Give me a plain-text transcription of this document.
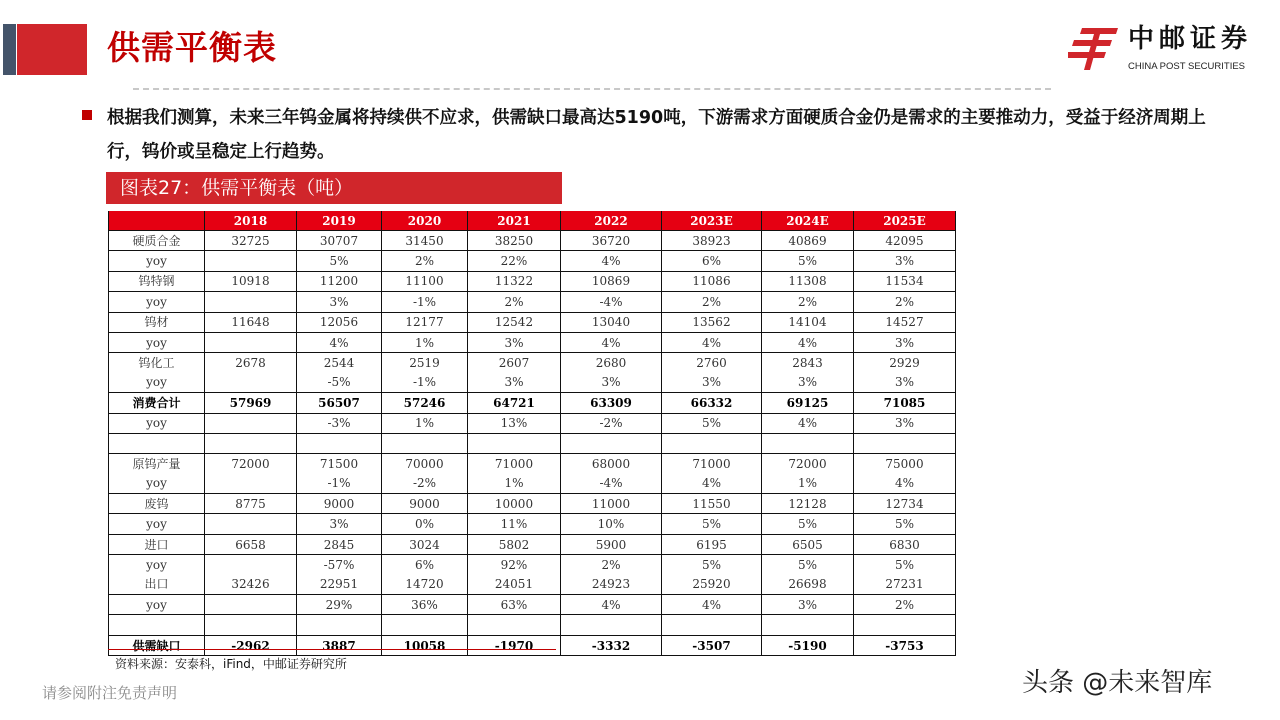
供需平衡表	中邮证券
CHINA POST SECURITIES
根据我们测算，未来三年钨金属将持续供不应求，供需缺口最高达5190吨，下游需求方面硬质合金仍是需求的主要推动力，受益于经济周期上行，钨价或呈稳定上行趋势。
图表27：供需平衡表（吨）
	2018	2019	2020	2021	2022	2023E	2024E	2025E
硬质合金	32725	30707	31450	38250	36720	38923	40869	42095
yoy		5%	2%	22%	4%	6%	5%	3%
钨特钢	10918	11200	11100	11322	10869	11086	11308	11534
yoy		3%	-1%	2%	-4%	2%	2%	2%
钨材	11648	12056	12177	12542	13040	13562	14104	14527
yoy		4%	1%	3%	4%	4%	4%	3%
钨化工	2678	2544	2519	2607	2680	2760	2843	2929
yoy		-5%	-1%	3%	3%	3%	3%	3%
消费合计	57969	56507	57246	64721	63309	66332	69125	71085
yoy		-3%	1%	13%	-2%	5%	4%	3%

原钨产量	72000	71500	70000	71000	68000	71000	72000	75000
yoy		-1%	-2%	1%	-4%	4%	1%	4%
废钨	8775	9000	9000	10000	11000	11550	12128	12734
yoy		3%	0%	11%	10%	5%	5%	5%
进口	6658	2845	3024	5802	5900	6195	6505	6830
yoy		-57%	6%	92%	2%	5%	5%	5%
出口	32426	22951	14720	24051	24923	25920	26698	27231
yoy		29%	36%	63%	4%	4%	3%	2%

供需缺口	-2962	3887	10058	-1970	-3332	-3507	-5190	-3753
资料来源：安泰科，iFind，中邮证券研究所
请参阅附注免责声明	头条 @未来智库
